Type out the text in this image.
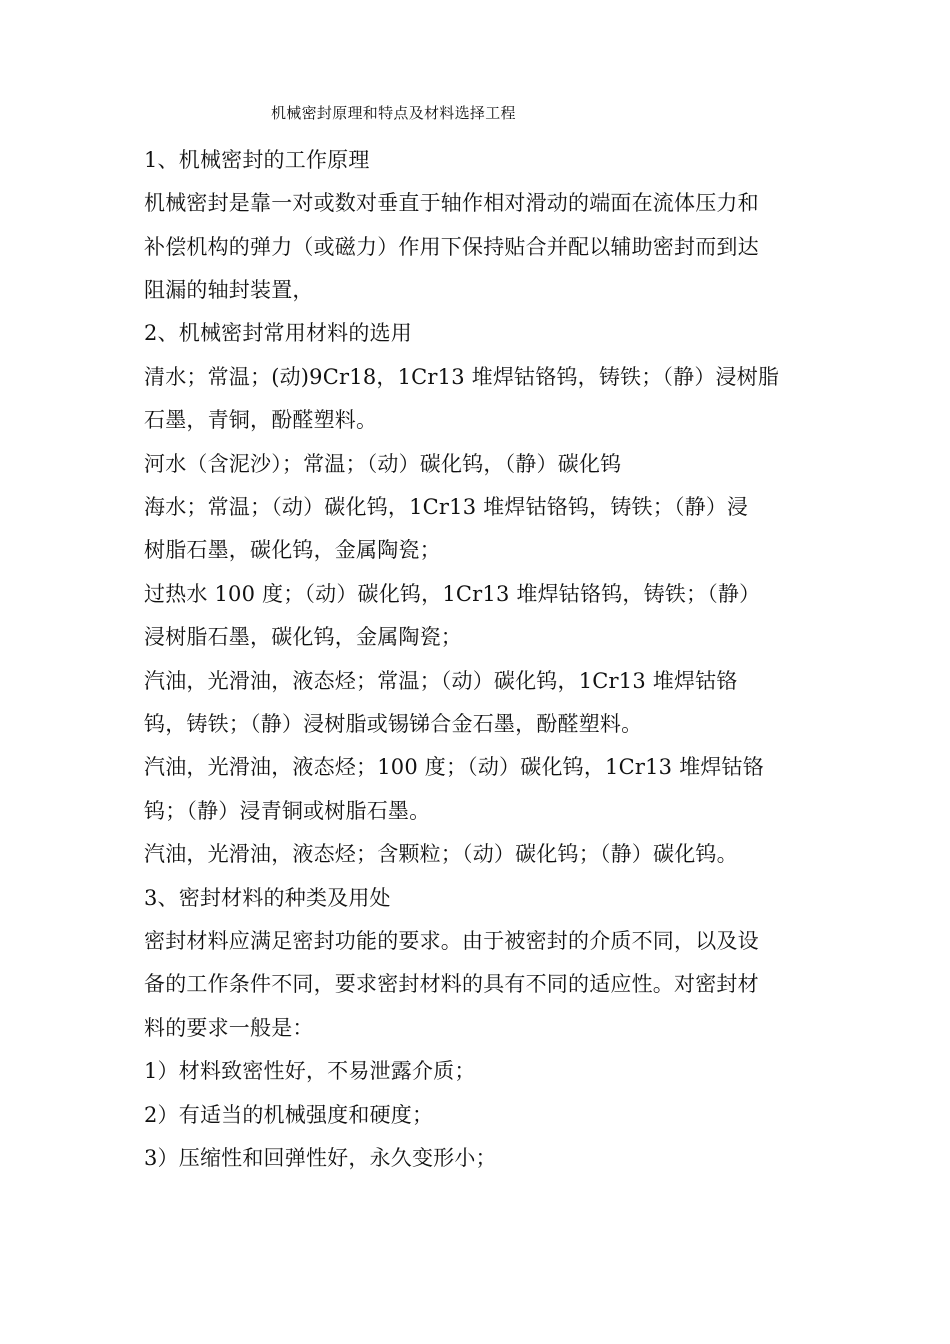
机械密封原理和特点及材料选择工程
1、机械密封的工作原理
机械密封是靠一对或数对垂直于轴作相对滑动的端面在流体压力和
补偿机构的弹力（或磁力）作用下保持贴合并配以辅助密封而到达
阻漏的轴封装置，
2、机械密封常用材料的选用
清水；常温；(动)9Cr18，1Cr13 堆焊钴铬钨，铸铁；（静）浸树脂
石墨，青铜，酚醛塑料。
河水（含泥沙）；常温；（动）碳化钨，（静）碳化钨
海水；常温；（动）碳化钨，1Cr13 堆焊钴铬钨，铸铁；（静）浸
树脂石墨，碳化钨，金属陶瓷；
过热水 100 度；（动）碳化钨，1Cr13 堆焊钴铬钨，铸铁；（静）
浸树脂石墨，碳化钨，金属陶瓷；
汽油，光滑油，液态烃；常温；（动）碳化钨，1Cr13 堆焊钴铬
钨，铸铁；（静）浸树脂或锡锑合金石墨，酚醛塑料。
汽油，光滑油，液态烃；100 度；（动）碳化钨，1Cr13 堆焊钴铬
钨；（静）浸青铜或树脂石墨。
汽油，光滑油，液态烃；含颗粒；（动）碳化钨；（静）碳化钨。
3、密封材料的种类及用处
密封材料应满足密封功能的要求。由于被密封的介质不同，以及设
备的工作条件不同，要求密封材料的具有不同的适应性。对密封材
料的要求一般是：
1）材料致密性好，不易泄露介质；
2）有适当的机械强度和硬度；
3）压缩性和回弹性好，永久变形小；
